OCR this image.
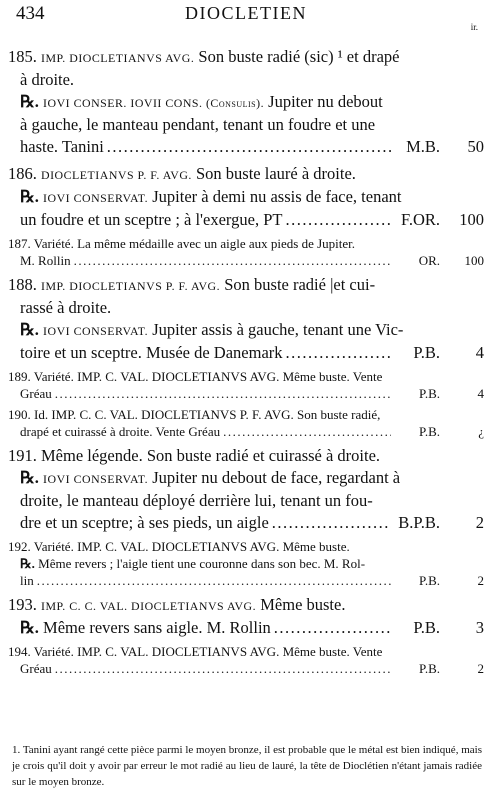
434	DIOCLETIEN
ir.

185. IMP. DIOCLETIANVS AVG. Son buste radié (sic) ¹ et drapé

à droite.

℞. IOVI CONSER. IOVII CONS. (Consulis). Jupiter nu debout

à gauche, le manteau pendant, tenant un foudre et une

haste. Tanini .....	M.B.	50

186. DIOCLETIANVS P. F. AVG. Son buste lauré à droite.

℞. IOVI CONSERVAT. Jupiter à demi nu assis de face, tenant

un foudre et un sceptre ; à l'exergue, PT .....	F.OR.	100

187. Variété. La même médaille avec un aigle aux pieds de Jupiter.

M. Rollin .....	OR.	100

188. IMP. DIOCLETIANVS P. F. AVG. Son buste radié |et cui-

rassé à droite.

℞. IOVI CONSERVAT. Jupiter assis à gauche, tenant une Vic-

toire et un sceptre. Musée de Danemark .....	P.B.	4

189. Variété. IMP. C. VAL. DIOCLETIANVS AVG. Même buste. Vente

Gréau .....	P.B.	4

190. Id. IMP. C. C. VAL. DIOCLETIANVS P. F. AVG. Son buste radié,

drapé et cuirassé à droite. Vente Gréau .....	P.B.	¿

191. Même légende. Son buste radié et cuirassé à droite.

℞. IOVI CONSERVAT. Jupiter nu debout de face, regardant à

droite, le manteau déployé derrière lui, tenant un fou-

dre et un sceptre; à ses pieds, un aigle .....	B.P.B.	2

192. Variété. IMP. C. VAL. DIOCLETIANVS AVG. Même buste.

℞. Même revers ; l'aigle tient une couronne dans son bec. M. Rol-

lin .....	P.B.	2

193. IMP. C. C. VAL. DIOCLETIANVS AVG. Même buste.

℞. Même revers sans aigle. M. Rollin .....	P.B.	3

194. Variété. IMP. C. VAL. DIOCLETIANVS AVG. Même buste. Vente

Gréau .....	P.B.	2
1. Tanini ayant rangé cette pièce parmi le moyen bronze, il est probable que le métal est bien indiqué, mais je crois qu'il doit y avoir par erreur le mot radié au lieu de lauré, la tête de Dioclétien n'étant jamais radiée sur le moyen bronze.
